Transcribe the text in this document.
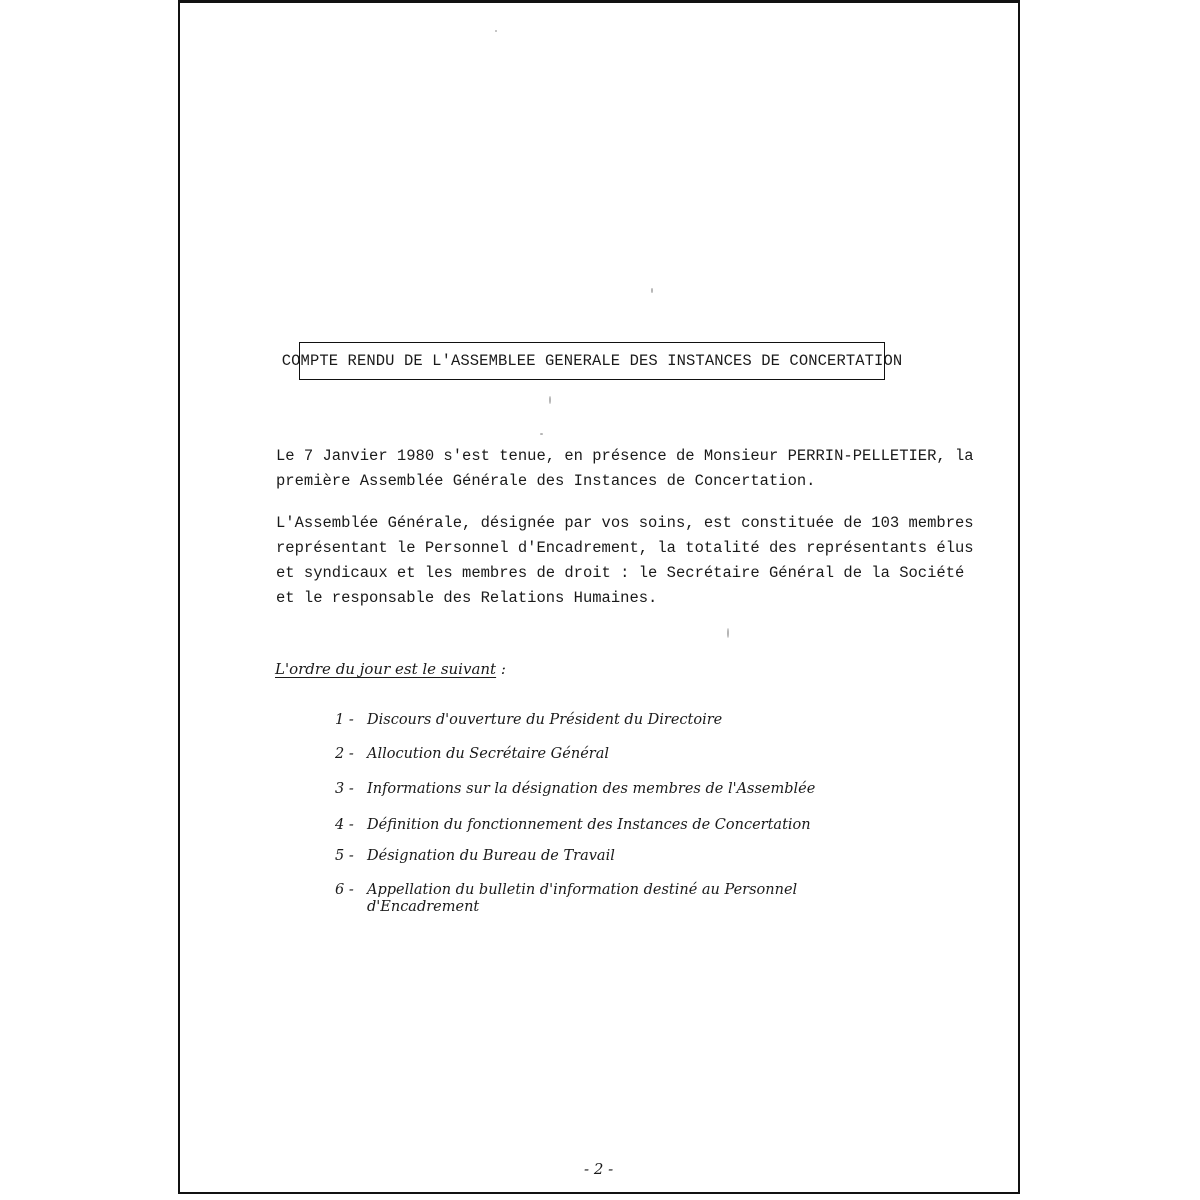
COMPTE RENDU DE L'ASSEMBLEE GENERALE DES INSTANCES DE CONCERTATION
Le 7 Janvier 1980 s'est tenue, en présence de Monsieur PERRIN-PELLETIER, la
première Assemblée Générale des Instances de Concertation.
L'Assemblée Générale, désignée par vos soins, est constituée de 103 membres
représentant le Personnel d'Encadrement, la totalité des représentants élus
et syndicaux et les membres de droit : le Secrétaire Général de la Société
et le responsable des Relations Humaines.
L'ordre du jour est le suivant :
1 - Discours d'ouverture du Président du Directoire
2 - Allocution du Secrétaire Général
3 - Informations sur la désignation des membres de l'Assemblée
4 - Définition du fonctionnement des Instances de Concertation
5 - Désignation du Bureau de Travail
6 - Appellation du bulletin d'information destiné au Personnel d'Encadrement
- 2 -
